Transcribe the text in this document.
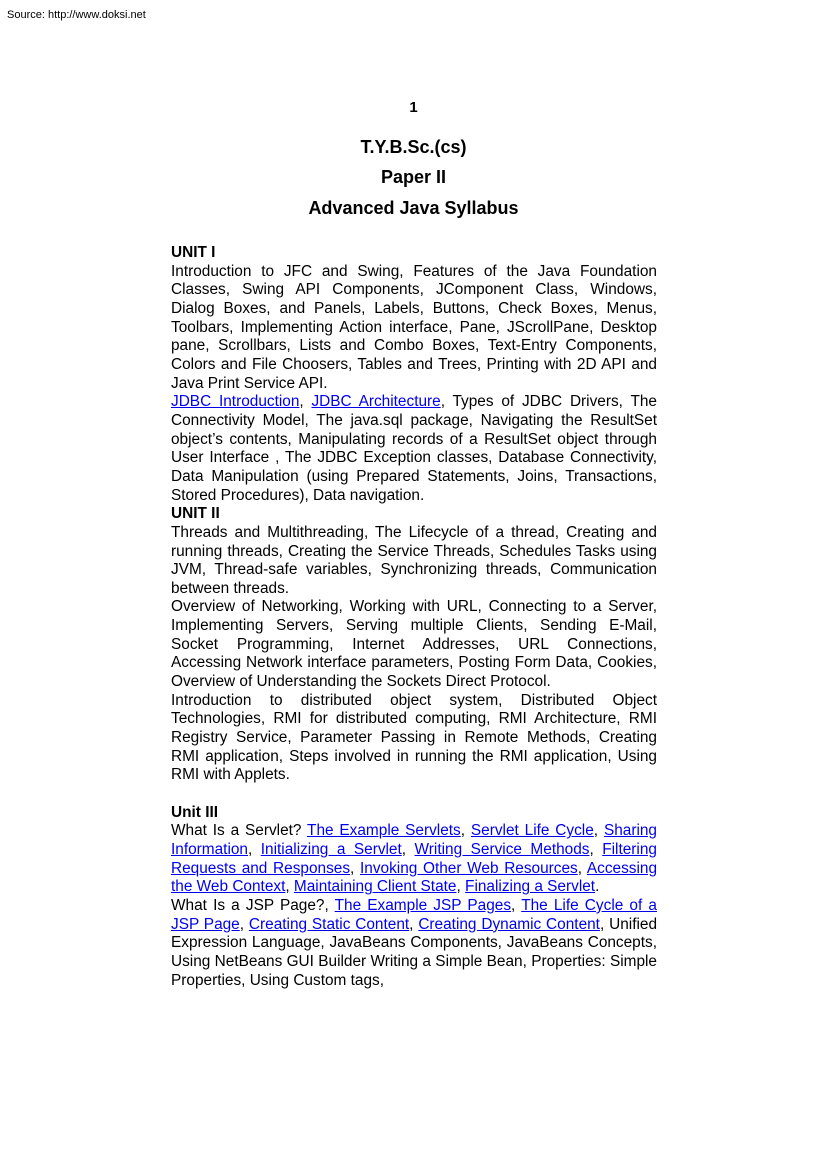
Source: http://www.doksi.net
1
T.Y.B.Sc.(cs)
Paper II
Advanced Java Syllabus

UNIT I

Introduction to JFC and Swing, Features of the Java Foundation Classes, Swing API Components, JComponent Class, Windows, Dialog Boxes, and Panels, Labels, Buttons, Check Boxes, Menus, Toolbars, Implementing Action interface, Pane, JScrollPane, Desktop pane, Scrollbars, Lists and Combo Boxes, Text-Entry Components, Colors and File Choosers, Tables and Trees, Printing with 2D API and Java Print Service API.

JDBC Introduction, JDBC Architecture, Types of JDBC Drivers, The Connectivity Model, The java.sql package, Navigating the ResultSet object’s contents, Manipulating records of a ResultSet object through User Interface , The JDBC Exception classes, Database Connectivity, Data Manipulation (using Prepared Statements, Joins, Transactions, Stored Procedures), Data navigation.

UNIT II

Threads and Multithreading, The Lifecycle of a thread, Creating and running threads, Creating the Service Threads, Schedules Tasks using JVM, Thread-safe variables, Synchronizing threads, Communication between threads.

Overview of Networking, Working with URL, Connecting to a Server, Implementing Servers, Serving multiple Clients, Sending E-Mail, Socket Programming, Internet Addresses, URL Connections, Accessing Network interface parameters, Posting Form Data, Cookies, Overview of Understanding the Sockets Direct Protocol.

Introduction to distributed object system, Distributed Object Technologies, RMI for distributed computing, RMI Architecture, RMI Registry Service, Parameter Passing in Remote Methods, Creating RMI application, Steps involved in running the RMI application, Using RMI with Applets.

Unit III

What Is a Servlet? The Example Servlets, Servlet Life Cycle, Sharing Information, Initializing a Servlet, Writing Service Methods, Filtering Requests and Responses, Invoking Other Web Resources, Accessing the Web Context, Maintaining Client State, Finalizing a Servlet.

What Is a JSP Page?, The Example JSP Pages, The Life Cycle of a JSP Page, Creating Static Content, Creating Dynamic Content, Unified Expression Language, JavaBeans Components, JavaBeans Concepts, Using NetBeans GUI Builder Writing a Simple Bean, Properties: Simple Properties, Using Custom tags,
